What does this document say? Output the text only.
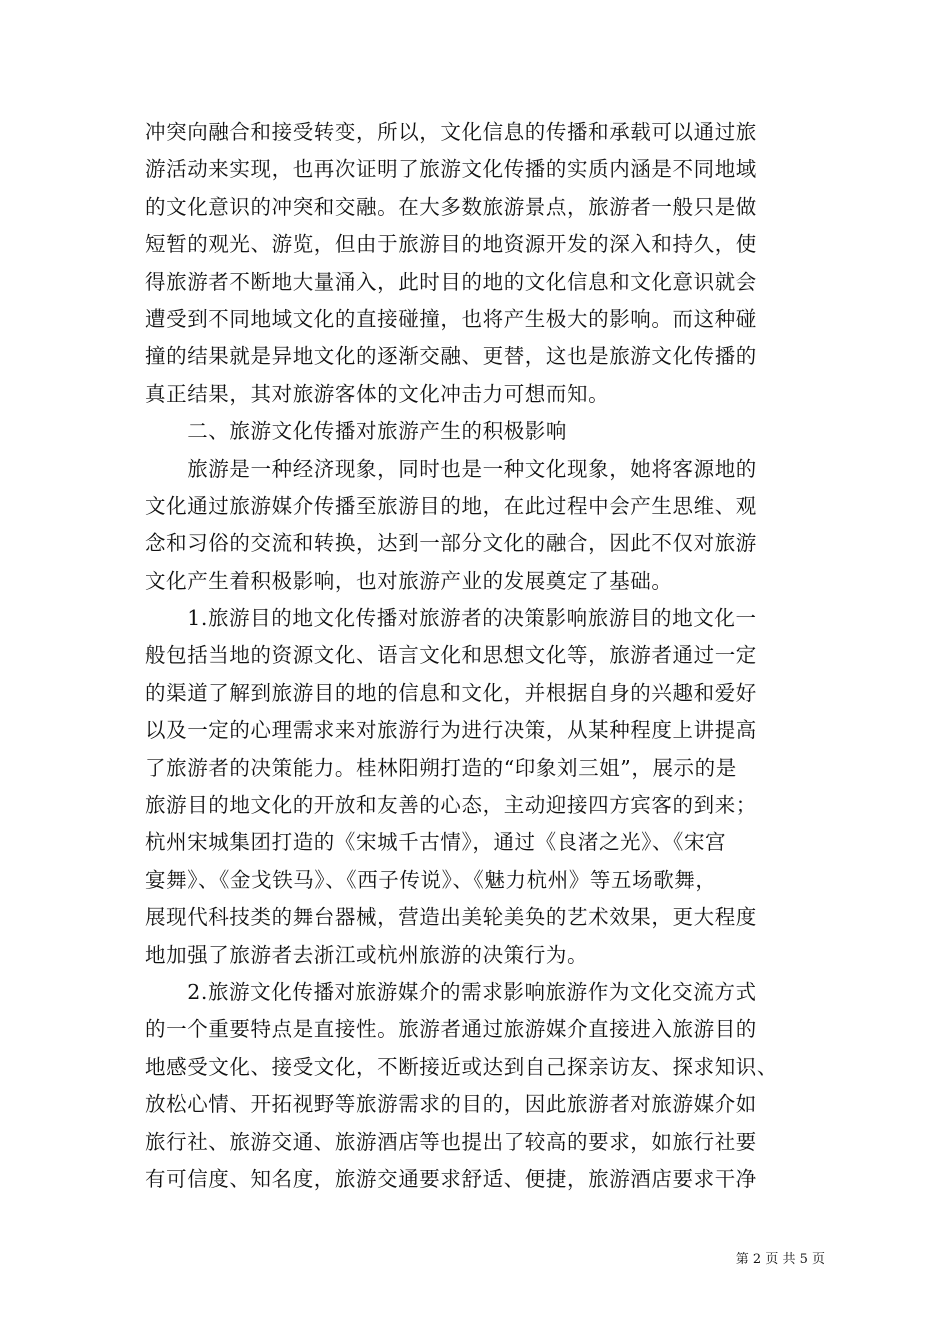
冲突向融合和接受转变，所以，文化信息的传播和承载可以通过旅
游活动来实现，也再次证明了旅游文化传播的实质内涵是不同地域
的文化意识的冲突和交融。在大多数旅游景点，旅游者一般只是做
短暂的观光、游览，但由于旅游目的地资源开发的深入和持久，使
得旅游者不断地大量涌入，此时目的地的文化信息和文化意识就会
遭受到不同地域文化的直接碰撞，也将产生极大的影响。而这种碰
撞的结果就是异地文化的逐渐交融、更替，这也是旅游文化传播的
真正结果，其对旅游客体的文化冲击力可想而知。
　　二、旅游文化传播对旅游产生的积极影响
　　旅游是一种经济现象，同时也是一种文化现象，她将客源地的
文化通过旅游媒介传播至旅游目的地，在此过程中会产生思维、观
念和习俗的交流和转换，达到一部分文化的融合，因此不仅对旅游
文化产生着积极影响，也对旅游产业的发展奠定了基础。
　　1.旅游目的地文化传播对旅游者的决策影响旅游目的地文化一
般包括当地的资源文化、语言文化和思想文化等，旅游者通过一定
的渠道了解到旅游目的地的信息和文化，并根据自身的兴趣和爱好
以及一定的心理需求来对旅游行为进行决策，从某种程度上讲提高
了旅游者的决策能力。桂林阳朔打造的“印象刘三姐”，展示的是
旅游目的地文化的开放和友善的心态，主动迎接四方宾客的到来；
杭州宋城集团打造的《宋城千古情》，通过《良渚之光》、《宋宫
宴舞》、《金戈铁马》、《西子传说》、《魅力杭州》等五场歌舞，
展现代科技类的舞台器械，营造出美轮美奂的艺术效果，更大程度
地加强了旅游者去浙江或杭州旅游的决策行为。
　　2.旅游文化传播对旅游媒介的需求影响旅游作为文化交流方式
的一个重要特点是直接性。旅游者通过旅游媒介直接进入旅游目的
地感受文化、接受文化，不断接近或达到自己探亲访友、探求知识、
放松心情、开拓视野等旅游需求的目的，因此旅游者对旅游媒介如
旅行社、旅游交通、旅游酒店等也提出了较高的要求，如旅行社要
有可信度、知名度，旅游交通要求舒适、便捷，旅游酒店要求干净
第 2 页 共 5 页
